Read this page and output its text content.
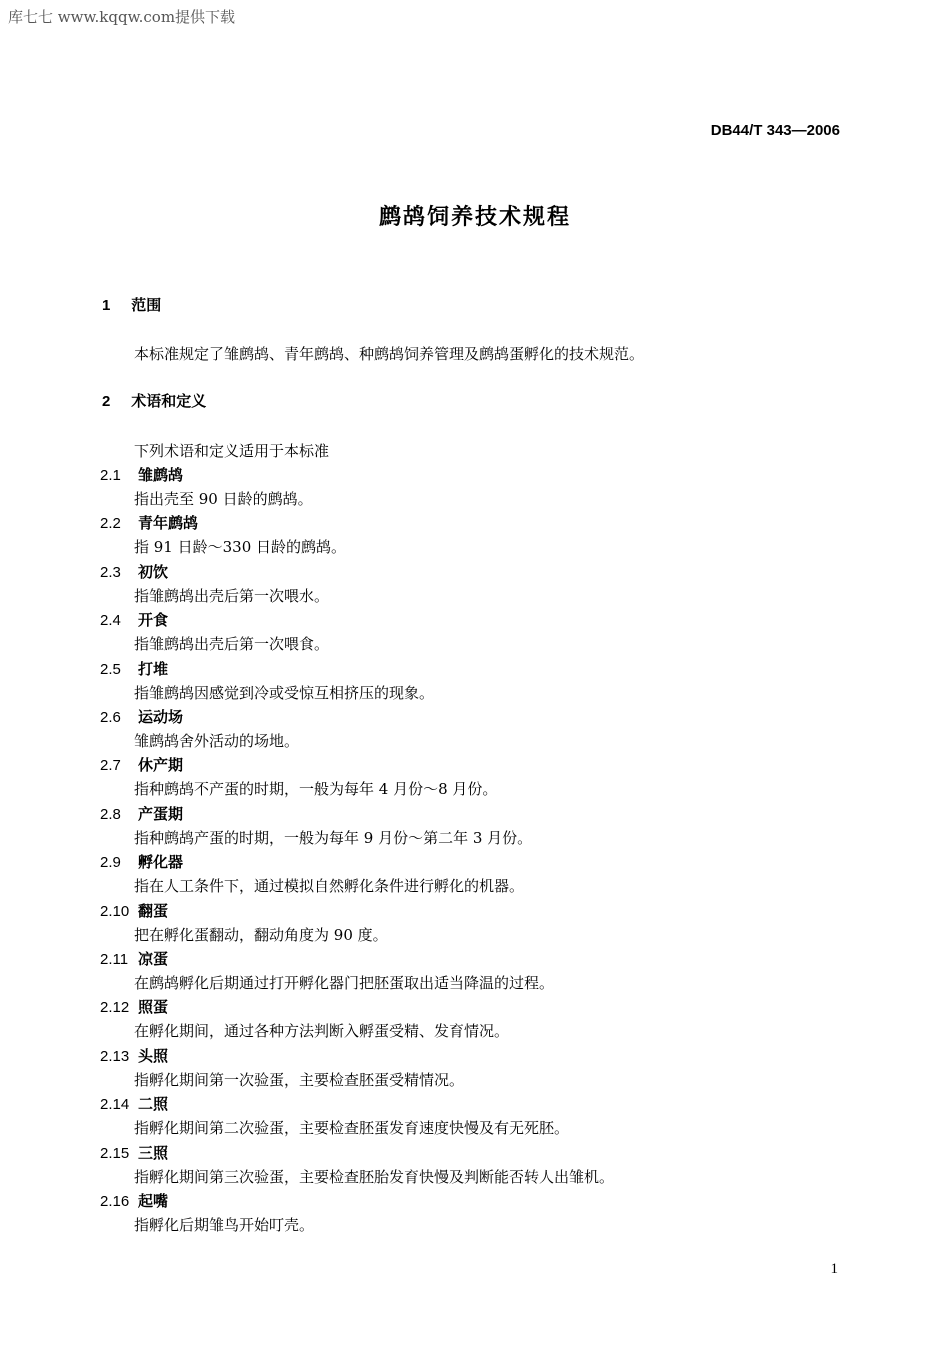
库七七 www.kqqw.com提供下载
DB44/T 343—2006
鹧鸪饲养技术规程
1 范围
本标准规定了雏鹧鸪、青年鹧鸪、种鹧鸪饲养管理及鹧鸪蛋孵化的技术规范。
2 术语和定义
下列术语和定义适用于本标准
2.1 雏鹧鸪
指出壳至 90 日龄的鹧鸪。
2.2 青年鹧鸪
指 91 日龄～330 日龄的鹧鸪。
2.3 初饮
指雏鹧鸪出壳后第一次喂水。
2.4 开食
指雏鹧鸪出壳后第一次喂食。
2.5 打堆
指雏鹧鸪因感觉到冷或受惊互相挤压的现象。
2.6 运动场
雏鹧鸪舍外活动的场地。
2.7 休产期
指种鹧鸪不产蛋的时期，一般为每年 4 月份～8 月份。
2.8 产蛋期
指种鹧鸪产蛋的时期，一般为每年 9 月份～第二年 3 月份。
2.9 孵化器
指在人工条件下，通过模拟自然孵化条件进行孵化的机器。
2.10 翻蛋
把在孵化蛋翻动，翻动角度为 90 度。
2.11 凉蛋
在鹧鸪孵化后期通过打开孵化器门把胚蛋取出适当降温的过程。
2.12 照蛋
在孵化期间，通过各种方法判断入孵蛋受精、发育情况。
2.13 头照
指孵化期间第一次验蛋，主要检查胚蛋受精情况。
2.14 二照
指孵化期间第二次验蛋，主要检查胚蛋发育速度快慢及有无死胚。
2.15 三照
指孵化期间第三次验蛋，主要检查胚胎发育快慢及判断能否转人出雏机。
2.16 起嘴
指孵化后期雏鸟开始叮壳。
1
